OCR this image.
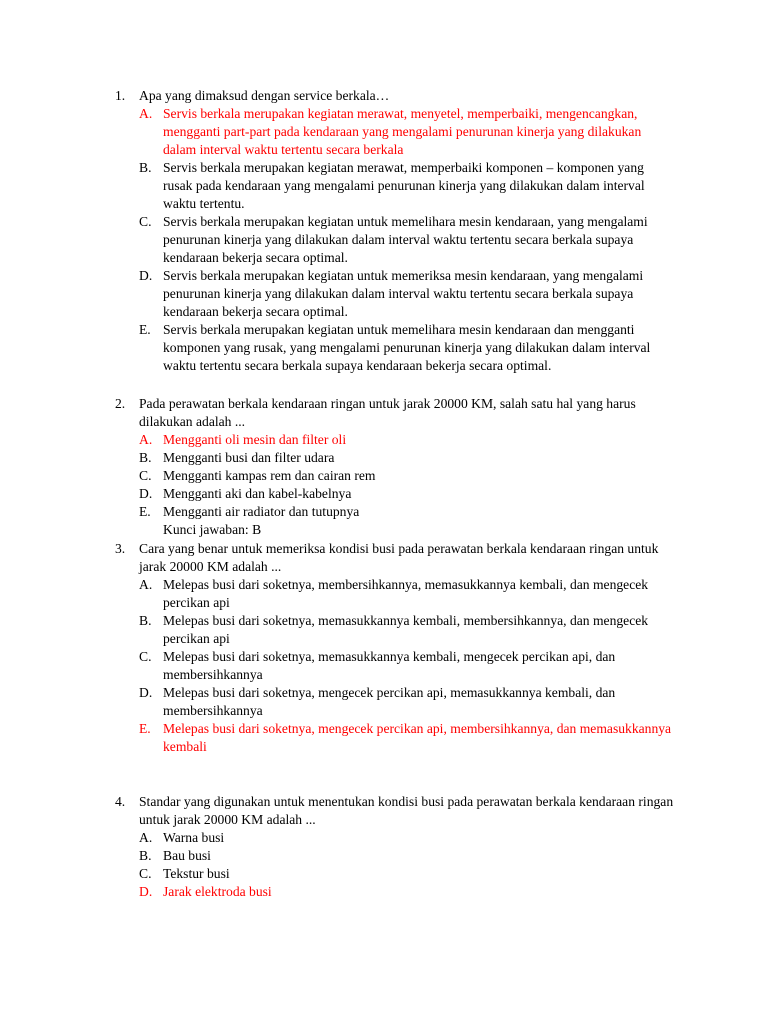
1.	Apa yang dimaksud dengan service berkala…
A. Servis berkala merupakan kegiatan merawat, menyetel, memperbaiki, mengencangkan, mengganti part-part pada kendaraan yang mengalami penurunan kinerja yang dilakukan dalam interval waktu tertentu secara berkala
B. Servis berkala merupakan kegiatan merawat, memperbaiki komponen – komponen yang rusak pada kendaraan yang mengalami penurunan kinerja yang dilakukan dalam interval waktu tertentu.
C. Servis berkala merupakan kegiatan untuk memelihara mesin kendaraan, yang mengalami penurunan kinerja yang dilakukan dalam interval waktu tertentu secara berkala supaya kendaraan bekerja secara optimal.
D. Servis berkala merupakan kegiatan untuk memeriksa mesin kendaraan, yang mengalami penurunan kinerja yang dilakukan dalam interval waktu tertentu secara berkala supaya kendaraan bekerja secara optimal.
E. Servis berkala merupakan kegiatan untuk memelihara mesin kendaraan dan mengganti komponen yang rusak, yang mengalami penurunan kinerja yang dilakukan dalam interval waktu tertentu secara berkala supaya kendaraan bekerja secara optimal.
2.	Pada perawatan berkala kendaraan ringan untuk jarak 20000 KM, salah satu hal yang harus dilakukan adalah ...
A. Mengganti oli mesin dan filter oli
B. Mengganti busi dan filter udara
C. Mengganti kampas rem dan cairan rem
D. Mengganti aki dan kabel-kabelnya
E. Mengganti air radiator dan tutupnya
Kunci jawaban: B
3.	Cara yang benar untuk memeriksa kondisi busi pada perawatan berkala kendaraan ringan untuk jarak 20000 KM adalah ...
A. Melepas busi dari soketnya, membersihkannya, memasukkannya kembali, dan mengecek percikan api
B. Melepas busi dari soketnya, memasukkannya kembali, membersihkannya, dan mengecek percikan api
C. Melepas busi dari soketnya, memasukkannya kembali, mengecek percikan api, dan membersihkannya
D. Melepas busi dari soketnya, mengecek percikan api, memasukkannya kembali, dan membersihkannya
E. Melepas busi dari soketnya, mengecek percikan api, membersihkannya, dan memasukkannya kembali
4.	Standar yang digunakan untuk menentukan kondisi busi pada perawatan berkala kendaraan ringan untuk jarak 20000 KM adalah ...
A. Warna busi
B. Bau busi
C. Tekstur busi
D. Jarak elektroda busi
